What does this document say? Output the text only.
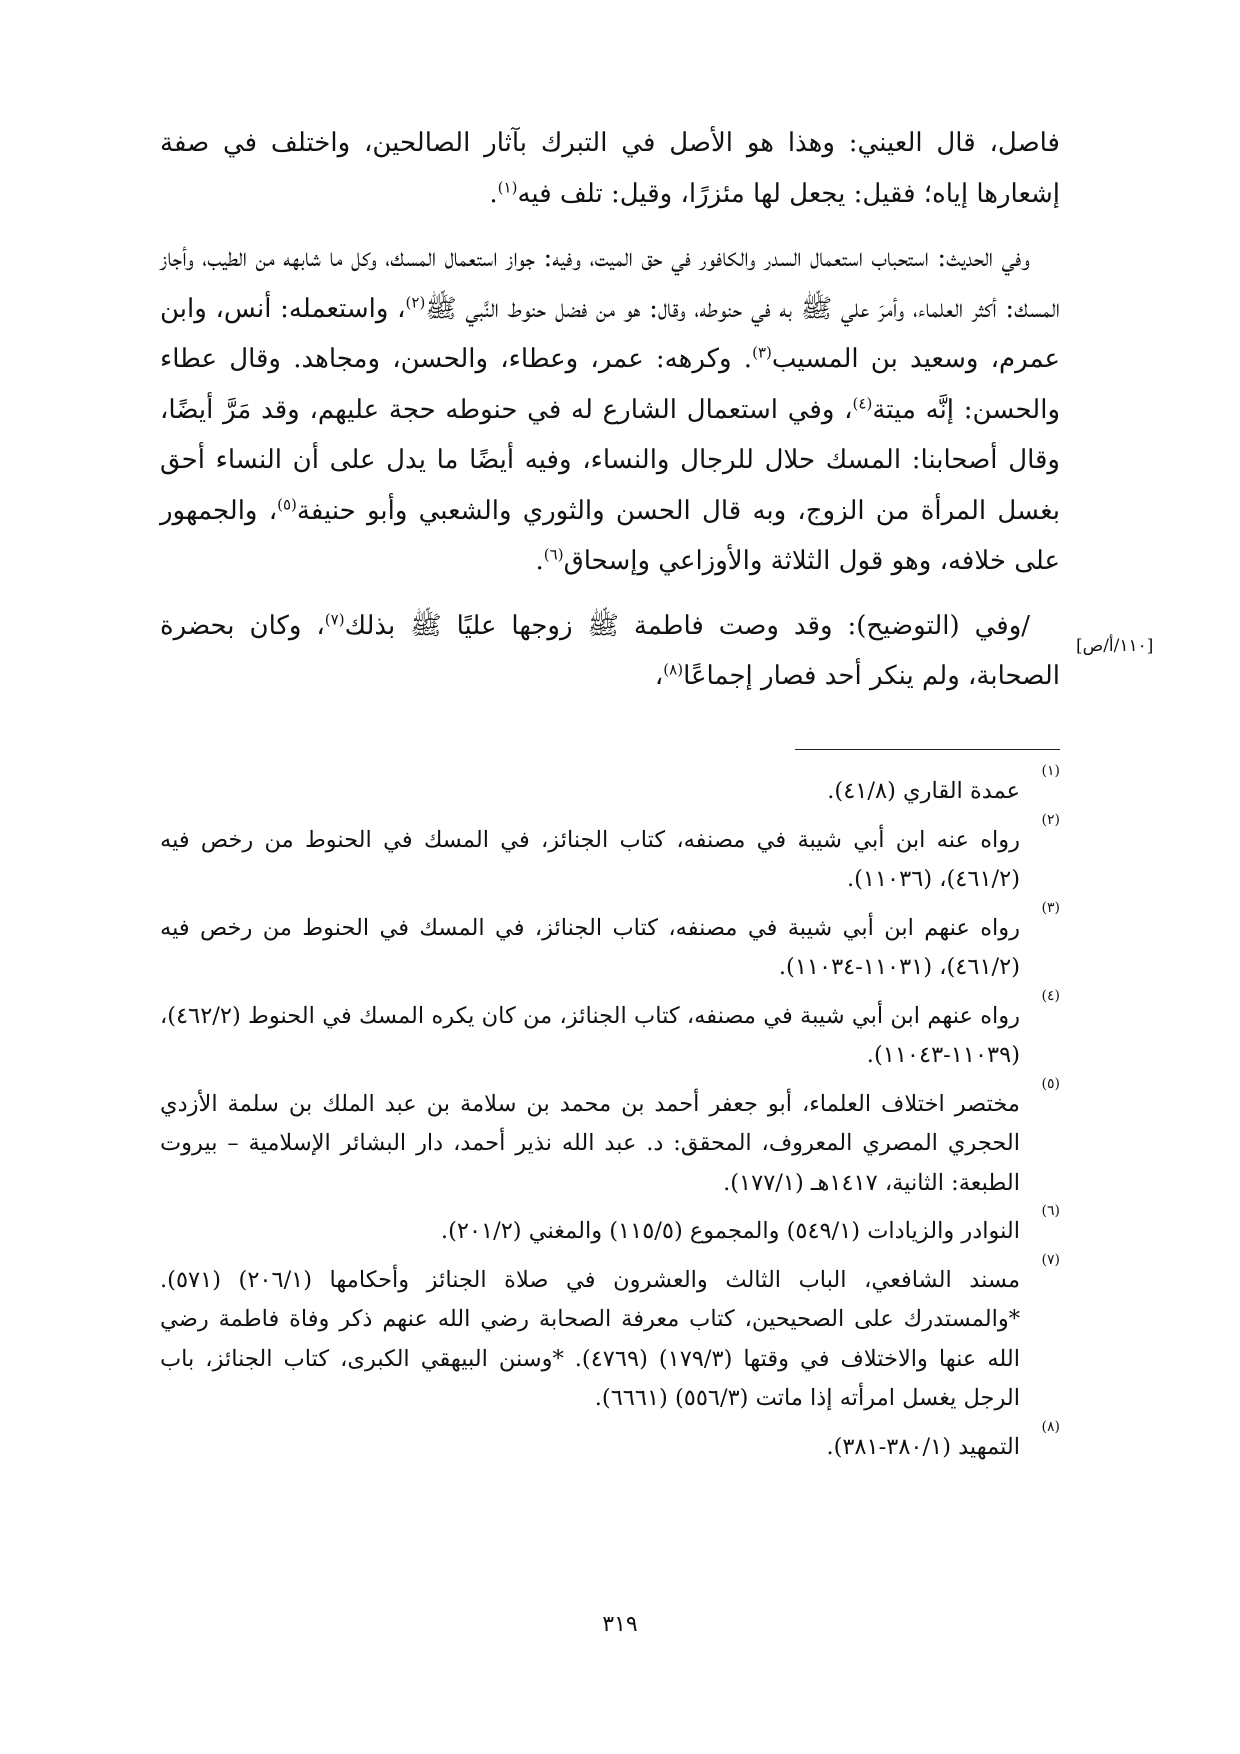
فاصل، قال العيني: وهذا هو الأصل في التبرك بآثار الصالحين، واختلف في صفة إشعارها إياه؛ فقيل: يجعل لها مئزرًا، وقيل: تلف فيه$^{(١)}$.

وفي الحديث: استحباب استعمال السدر والكافور في حق الميت، وفيه: جواز استعمال المسك، وكل ما شابهه من الطيب، وأجاز المسك: أكثر العلماء، وأمرَ علي ﷺ به في حنوطه، وقال: هو من فضل حنوط النَّبي ﷺ$^{(٢)}$، واستعمله: أنس، وابن عمرم، وسعيد بن المسيب$^{(٣)}$. وكرهه: عمر، وعطاء، والحسن، ومجاهد. وقال عطاء والحسن: إنَّه ميتة$^{(٤)}$، وفي استعمال الشارع له في حنوطه حجة عليهم، وقد مَرَّ أيضًا، وقال أصحابنا: المسك حلال للرجال والنساء، وفيه أيضًا ما يدل على أن النساء أحق بغسل المرأة من الزوج، وبه قال الحسن والثوري والشعبي وأبو حنيفة$^{(٥)}$، والجمهور على خلافه، وهو قول الثلاثة والأوزاعي وإسحاق$^{(٦)}$.

/وفي (التوضيح): وقد وصت فاطمة ﷺ زوجها عليًا ﷺ بذلك$^{(٧)}$، وكان بحضرة الصحابة، ولم ينكر أحد فصار إجماعًا$^{(٨)}$،

[١١٠/أ/ص]
(١)
عمدة القاري (٤١/٨).
(٢)
رواه عنه ابن أبي شيبة في مصنفه، كتاب الجنائز، في المسك في الحنوط من رخص فيه (٤٦١/٢)، (١١٠٣٦).
(٣)
رواه عنهم ابن أبي شيبة في مصنفه، كتاب الجنائز، في المسك في الحنوط من رخص فيه (٤٦١/٢)، (١١٠٣١-١١٠٣٤).
(٤)
رواه عنهم ابن أبي شيبة في مصنفه، كتاب الجنائز، من كان يكره المسك في الحنوط (٤٦٢/٢)، (١١٠٣٩-١١٠٤٣).
(٥)
مختصر اختلاف العلماء، أبو جعفر أحمد بن محمد بن سلامة بن عبد الملك بن سلمة الأزدي الحجري المصري المعروف، المحقق: د. عبد الله نذير أحمد، دار البشائر الإسلامية – بيروت الطبعة: الثانية، ١٤١٧هـ (١٧٧/١).
(٦)
النوادر والزيادات (٥٤٩/١) والمجموع (١١٥/٥) والمغني (٢٠١/٢).
(٧)
مسند الشافعي، الباب الثالث والعشرون في صلاة الجنائز وأحكامها (٢٠٦/١) (٥٧١). *والمستدرك على الصحيحين، كتاب معرفة الصحابة رضي الله عنهم ذكر وفاة فاطمة رضي الله عنها والاختلاف في وقتها (١٧٩/٣) (٤٧٦٩). *وسنن البيهقي الكبرى، كتاب الجنائز، باب الرجل يغسل امرأته إذا ماتت (٥٥٦/٣) (٦٦٦١).
(٨)
التمهيد (٣٨٠/١-٣٨١).
٣١٩
